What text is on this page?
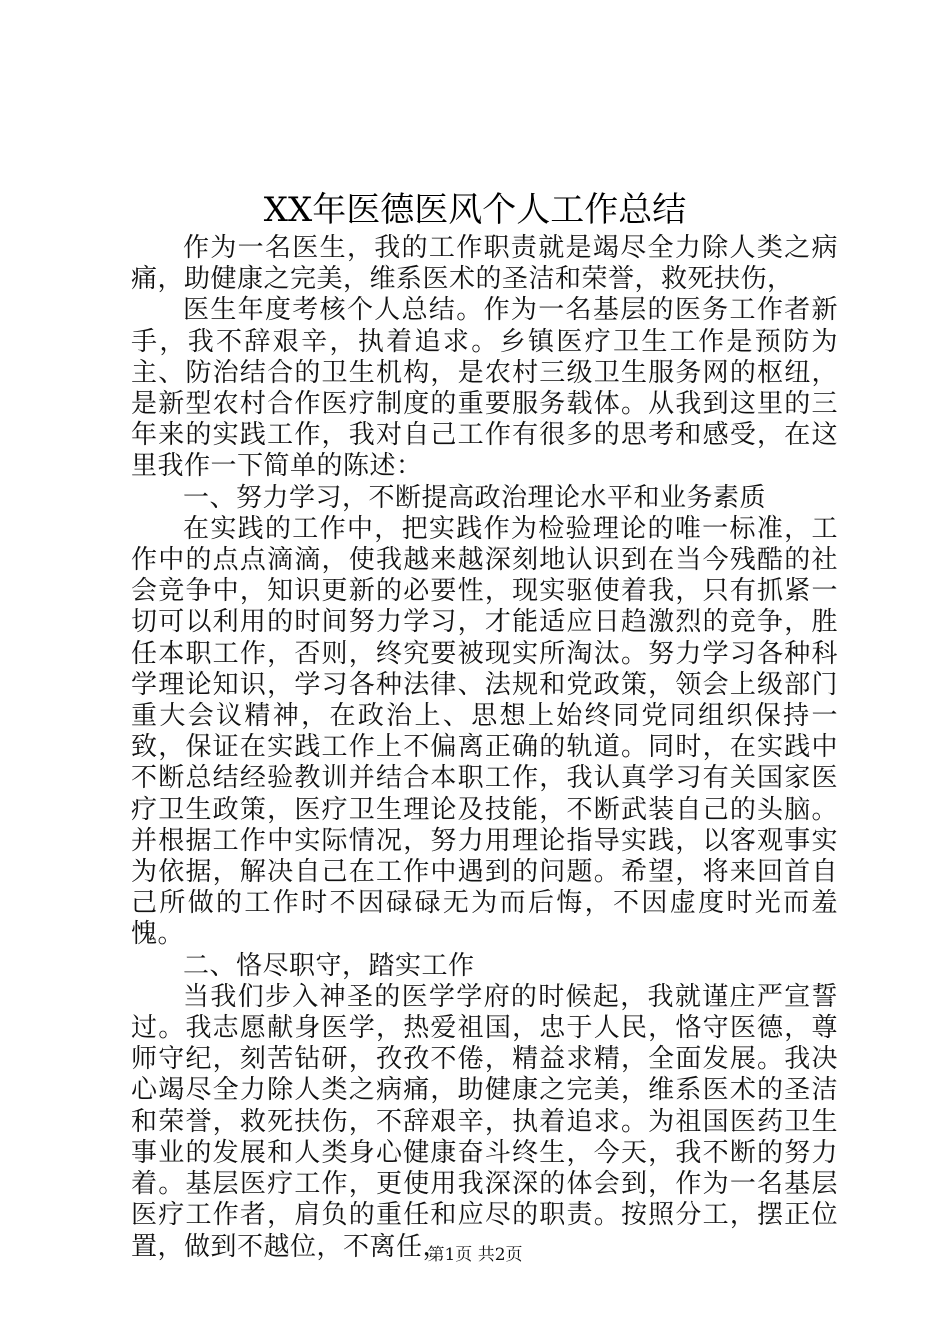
XX年医德医风个人工作总结

作为一名医生，我的工作职责就是竭尽全力除人类之病痛，助健康之完美，维系医术的圣洁和荣誉，救死扶伤，

医生年度考核个人总结。作为一名基层的医务工作者新手，我不辞艰辛，执着追求。乡镇医疗卫生工作是预防为主、防治结合的卫生机构，是农村三级卫生服务网的枢纽，是新型农村合作医疗制度的重要服务载体。从我到这里的三年来的实践工作，我对自己工作有很多的思考和感受，在这里我作一下简单的陈述：

一、努力学习，不断提高政治理论水平和业务素质

在实践的工作中，把实践作为检验理论的唯一标准，工作中的点点滴滴，使我越来越深刻地认识到在当今残酷的社会竞争中，知识更新的必要性，现实驱使着我，只有抓紧一切可以利用的时间努力学习，才能适应日趋激烈的竞争，胜任本职工作，否则，终究要被现实所淘汰。努力学习各种科学理论知识，学习各种法律、法规和党政策，领会上级部门重大会议精神，在政治上、思想上始终同党同组织保持一致，保证在实践工作上不偏离正确的轨道。同时，在实践中不断总结经验教训并结合本职工作，我认真学习有关国家医疗卫生政策，医疗卫生理论及技能，不断武装自己的头脑。并根据工作中实际情况，努力用理论指导实践，以客观事实为依据，解决自己在工作中遇到的问题。希望，将来回首自己所做的工作时不因碌碌无为而后悔，不因虚度时光而羞愧。

二、恪尽职守，踏实工作

当我们步入神圣的医学学府的时候起，我就谨庄严宣誓过。我志愿献身医学，热爱祖国，忠于人民，恪守医德，尊师守纪，刻苦钻研，孜孜不倦，精益求精，全面发展。我决心竭尽全力除人类之病痛，助健康之完美，维系医术的圣洁和荣誉，救死扶伤，不辞艰辛，执着追求。为祖国医药卫生事业的发展和人类身心健康奋斗终生，今天，我不断的努力着。基层医疗工作，更使用我深深的体会到，作为一名基层医疗工作者，肩负的重任和应尽的职责。按照分工，摆正位置，做到不越位，不离任，

第1页 共2页
